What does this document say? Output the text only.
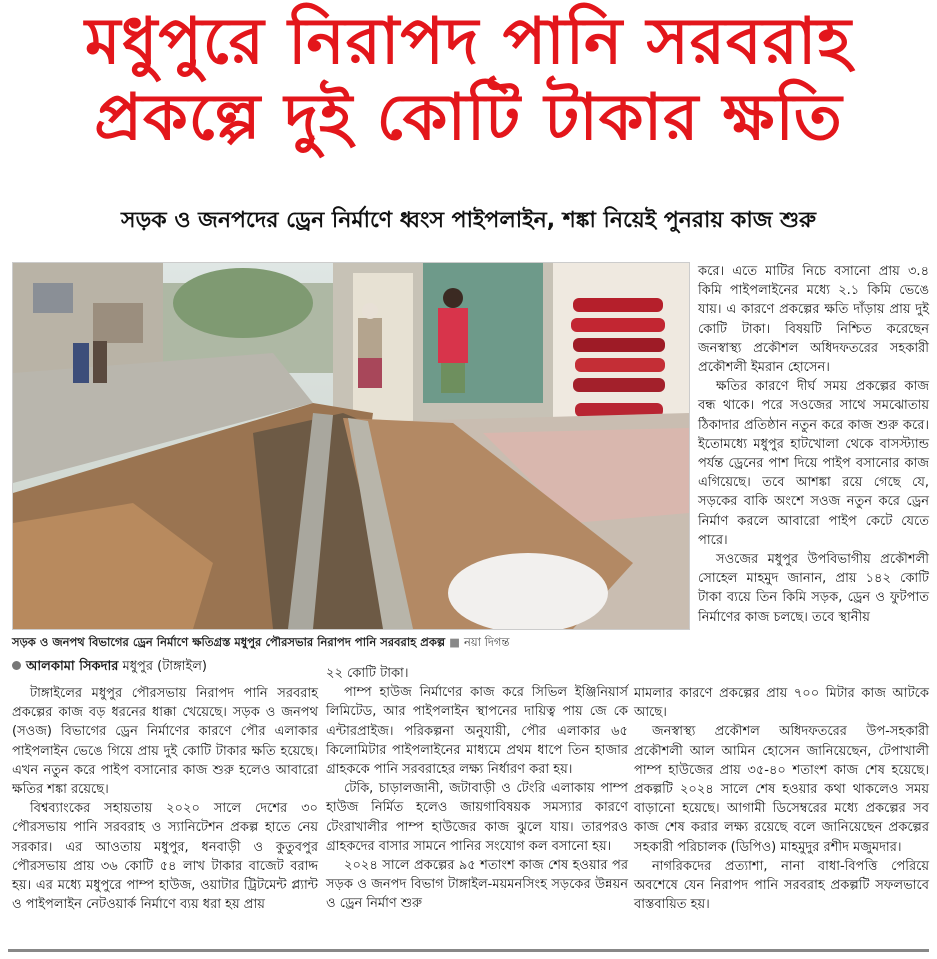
মধুপুরে নিরাপদ পানি সরবরাহ
প্রকল্পে দুই কোটি টাকার ক্ষতি
সড়ক ও জনপদের ড্রেন নির্মাণে ধ্বংস পাইপলাইন, শঙ্কা নিয়েই পুনরায় কাজ শুরু
সড়ক ও জনপথ বিভাগের ড্রেন নির্মাণে ক্ষতিগ্রস্ত মধুপুর পৌরসভার নিরাপদ পানি সরবরাহ প্রকল্প ■ নয়া দিগন্ত
আলকামা সিকদার মধুপুর (টাঙ্গাইল)

টাঙ্গাইলের মধুপুর পৌরসভায় নিরাপদ পানি সরবরাহ প্রকল্পের কাজ বড় ধরনের ধাক্কা খেয়েছে। সড়ক ও জনপথ (সওজ) বিভাগের ড্রেন নির্মাণের কারণে পৌর এলাকার পাইপলাইন ভেঙে গিয়ে প্রায় দুই কোটি টাকার ক্ষতি হয়েছে। এখন নতুন করে পাইপ বসানোর কাজ শুরু হলেও আবারো ক্ষতির শঙ্কা রয়েছে।

বিশ্বব্যাংকের সহায়তায় ২০২০ সালে দেশের ৩০ পৌরসভায় পানি সরবরাহ ও স্যানিটেশন প্রকল্প হাতে নেয় সরকার। এর আওতায় মধুপুর, ধনবাড়ী ও কুতুবপুর পৌরসভায় প্রায় ৩৬ কোটি ৫৪ লাখ টাকার বাজেট বরাদ্দ হয়। এর মধ্যে মধুপুরে পাম্প হাউজ, ওয়াটার ট্রিটমেন্ট প্ল্যান্ট ও পাইপলাইন নেটওয়ার্ক নির্মাণে ব্যয় ধরা হয় প্রায়

২২ কোটি টাকা।

পাম্প হাউজ নির্মাণের কাজ করে সিভিল ইঞ্জিনিয়ার্স লিমিটেড, আর পাইপলাইন স্থাপনের দায়িত্ব পায় জে কে এন্টারপ্রাইজ। পরিকল্পনা অনুযায়ী, পৌর এলাকার ৬৫ কিলোমিটার পাইপলাইনের মাধ্যমে প্রথম ধাপে তিন হাজার গ্রাহককে পানি সরবরাহের লক্ষ্য নির্ধারণ করা হয়।

টেকি, চাড়ালজানী, জটাবাড়ী ও টেংরি এলাকায় পাম্প হাউজ নির্মিত হলেও জায়গাবিষয়ক সমস্যার কারণে টেংরাখালীর পাম্প হাউজের কাজ ঝুলে যায়। তারপরও গ্রাহকদের বাসার সামনে পানির সংযোগ কল বসানো হয়।

২০২৪ সালে প্রকল্পের ৯৫ শতাংশ কাজ শেষ হওয়ার পর সড়ক ও জনপদ বিভাগ টাঙ্গাইল-ময়মনসিংহ সড়কের উন্নয়ন ও ড্রেন নির্মাণ শুরু

করে। এতে মাটির নিচে বসানো প্রায় ৩.৪ কিমি পাইপলাইনের মধ্যে ২.১ কিমি ভেঙে যায়। এ কারণে প্রকল্পের ক্ষতি দাঁড়ায় প্রায় দুই কোটি টাকা। বিষয়টি নিশ্চিত করেছেন জনস্বাস্থ্য প্রকৌশল অধিদফতরের সহকারী প্রকৌশলী ইমরান হোসেন।

ক্ষতির কারণে দীর্ঘ সময় প্রকল্পের কাজ বন্ধ থাকে। পরে সওজের সাথে সমঝোতায় ঠিকাদার প্রতিষ্ঠান নতুন করে কাজ শুরু করে। ইতোমধ্যে মধুপুর হাটখোলা থেকে বাসস্ট্যান্ড পর্যন্ত ড্রেনের পাশ দিয়ে পাইপ বসানোর কাজ এগিয়েছে। তবে আশঙ্কা রয়ে গেছে যে, সড়কের বাকি অংশে সওজ নতুন করে ড্রেন নির্মাণ করলে আবারো পাইপ কেটে যেতে পারে।

সওজের মধুপুর উপবিভাগীয় প্রকৌশলী সোহেল মাহমুদ জানান, প্রায় ১৪২ কোটি টাকা ব্যয়ে তিন কিমি সড়ক, ড্রেন ও ফুটপাত নির্মাণের কাজ চলছে। তবে স্থানীয়

মামলার কারণে প্রকল্পের প্রায় ৭০০ মিটার কাজ আটকে আছে।

জনস্বাস্থ্য প্রকৌশল অধিদফতরের উপ-সহকারী প্রকৌশলী আল আমিন হোসেন জানিয়েছেন, টেপাখালী পাম্প হাউজের প্রায় ৩৫-৪০ শতাংশ কাজ শেষ হয়েছে। প্রকল্পটি ২০২৪ সালে শেষ হওয়ার কথা থাকলেও সময় বাড়ানো হয়েছে। আগামী ডিসেম্বরের মধ্যে প্রকল্পের সব কাজ শেষ করার লক্ষ্য রয়েছে বলে জানিয়েছেন প্রকল্পের সহকারী পরিচালক (ডিপিও) মাহমুদুর রশীদ মজুমদার।

নাগরিকদের প্রত্যাশা, নানা বাধা-বিপত্তি পেরিয়ে অবশেষে যেন নিরাপদ পানি সরবরাহ প্রকল্পটি সফলভাবে বাস্তবায়িত হয়।
